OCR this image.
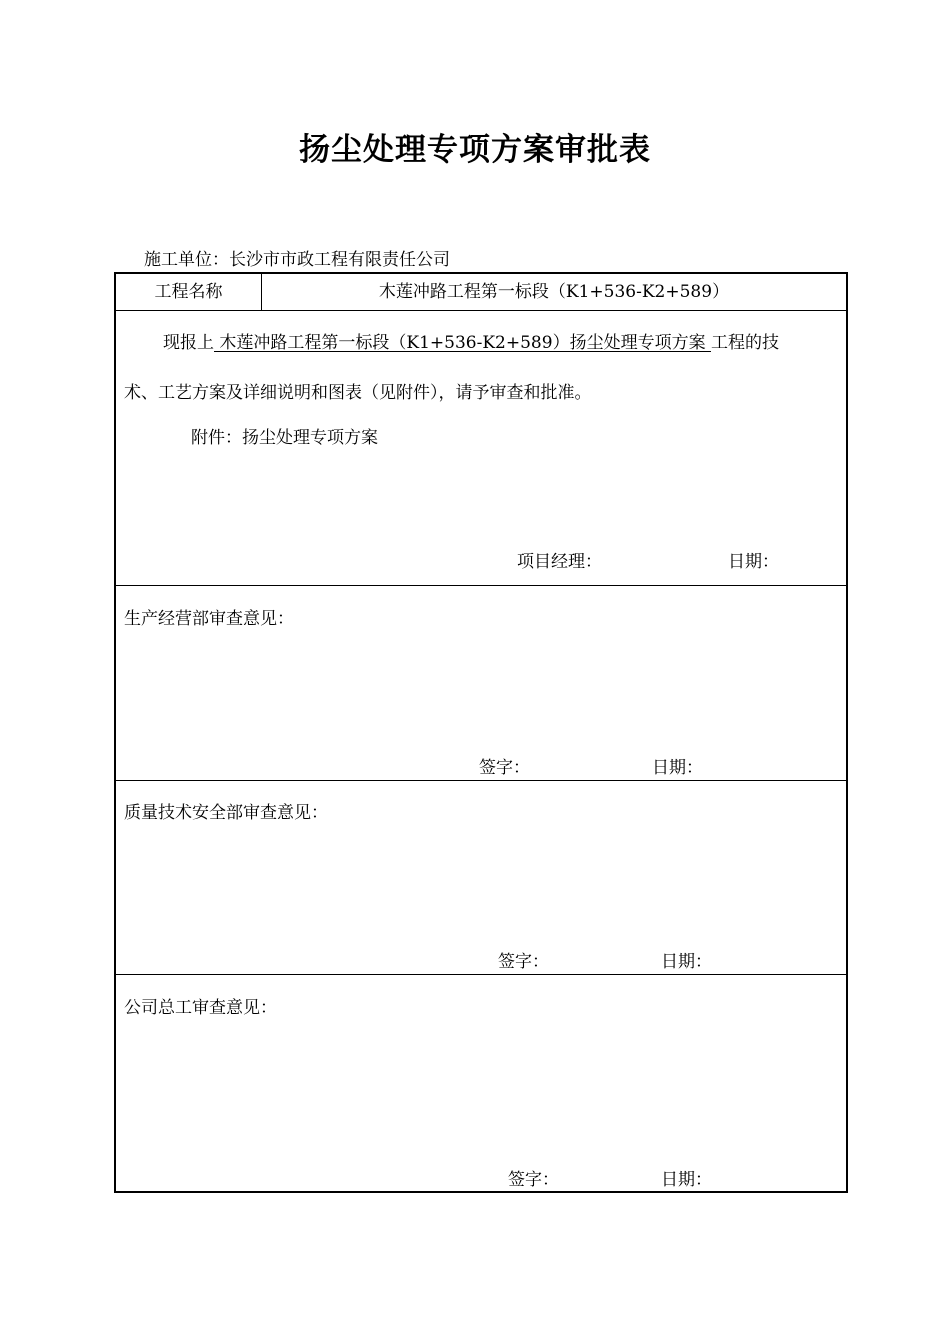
扬尘处理专项方案审批表
施工单位：长沙市市政工程有限责任公司
工程名称	木莲冲路工程第一标段（K1+536-K2+589）
现报上 木莲冲路工程第一标段（K1+536-K2+589）扬尘处理专项方案 工程的技
术、工艺方案及详细说明和图表（见附件），请予审查和批准。
附件：扬尘处理专项方案
项目经理：	日期：
生产经营部审查意见：
签字：	日期：
质量技术安全部审查意见：
签字：	日期：
公司总工审查意见：
签字：	日期：
